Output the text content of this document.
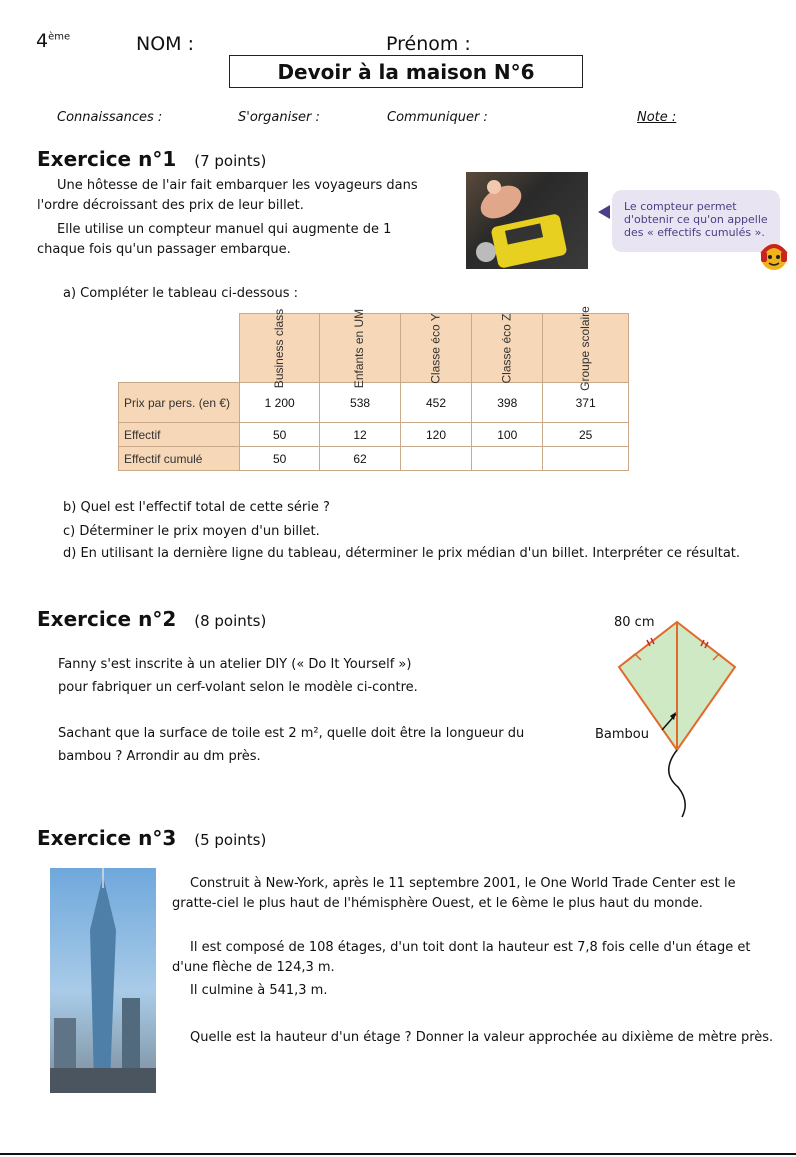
4ème	NOM :	Prénom :
Devoir à la maison N°6
Connaissances :	S'organiser :	Communiquer :	Note :
Exercice n°1 (7 points)
Une hôtesse de l'air fait embarquer les voyageurs dans l'ordre décroissant des prix de leur billet.
Elle utilise un compteur manuel qui augmente de 1 chaque fois qu'un passager embarque.
Le compteur permet d'obtenir ce qu'on appelle des « effectifs cumulés ».
a) Compléter le tableau ci-dessous :
	Business class	Enfants en UM	Classe éco Y	Classe éco Z	Groupe scolaire
Prix par pers. (en €)	1 200	538	452	398	371
Effectif	50	12	120	100	25
Effectif cumulé	50	62			
b) Quel est l'effectif total de cette série ?
c) Déterminer le prix moyen d'un billet.
d) En utilisant la dernière ligne du tableau, déterminer le prix médian d'un billet. Interpréter ce résultat.
Exercice n°2 (8 points)
Fanny s'est inscrite à un atelier DIY (« Do It Yourself »)
pour fabriquer un cerf-volant selon le modèle ci-contre.
Sachant que la surface de toile est 2 m², quelle doit être la longueur du
bambou ? Arrondir au dm près.
80 cm
Bambou
Exercice n°3 (5 points)
Construit à New-York, après le 11 septembre 2001, le One World Trade Center est le
gratte-ciel le plus haut de l'hémisphère Ouest, et le 6ème le plus haut du monde.
Il est composé de 108 étages, d'un toit dont la hauteur est 7,8 fois celle d'un étage et
d'une flèche de 124,3 m.
Il culmine à 541,3 m.
Quelle est la hauteur d'un étage ? Donner la valeur approchée au dixième de mètre près.
